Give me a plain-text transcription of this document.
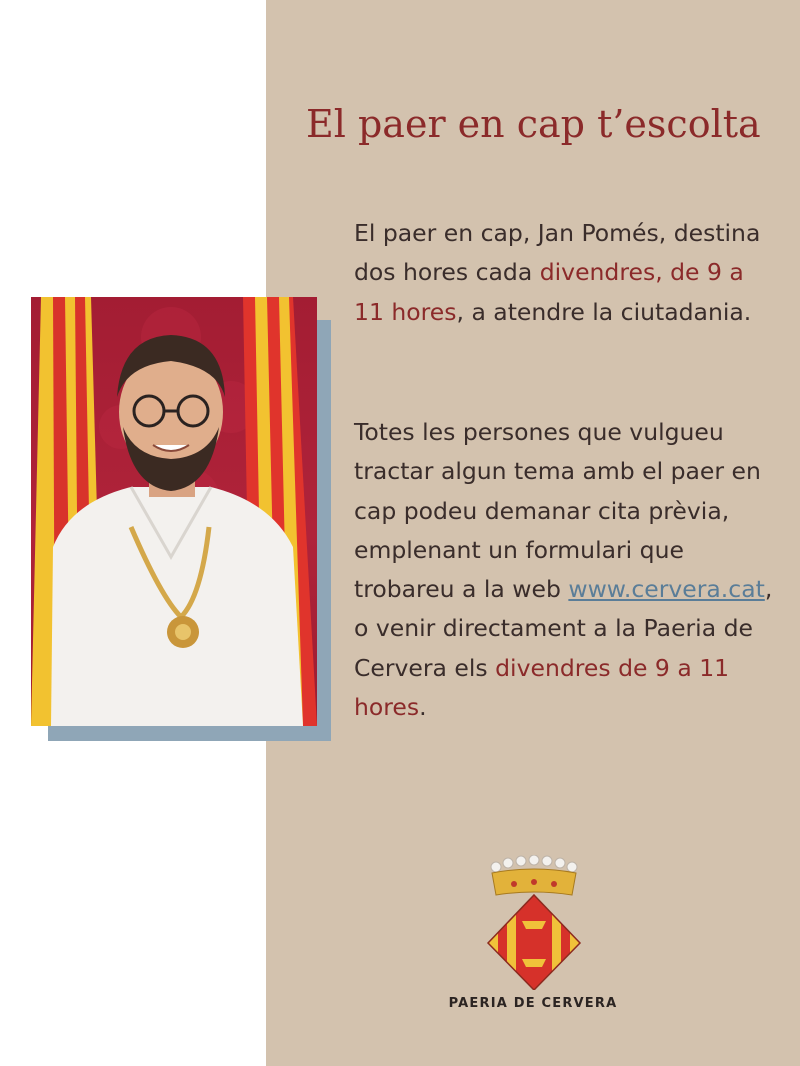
El paer en cap t’escolta

El paer en cap, Jan Pomés, destina dos hores cada divendres, de 9 a 11 hores, a atendre la ciutadania.

Totes les persones que vulgueu tractar algun tema amb el paer en cap podeu demanar cita prèvia, emplenant un formulari que trobareu a la web www.cervera.cat, o venir directament a la Paeria de Cervera els divendres de 9 a 11 hores.

PAERIA DE CERVERA
